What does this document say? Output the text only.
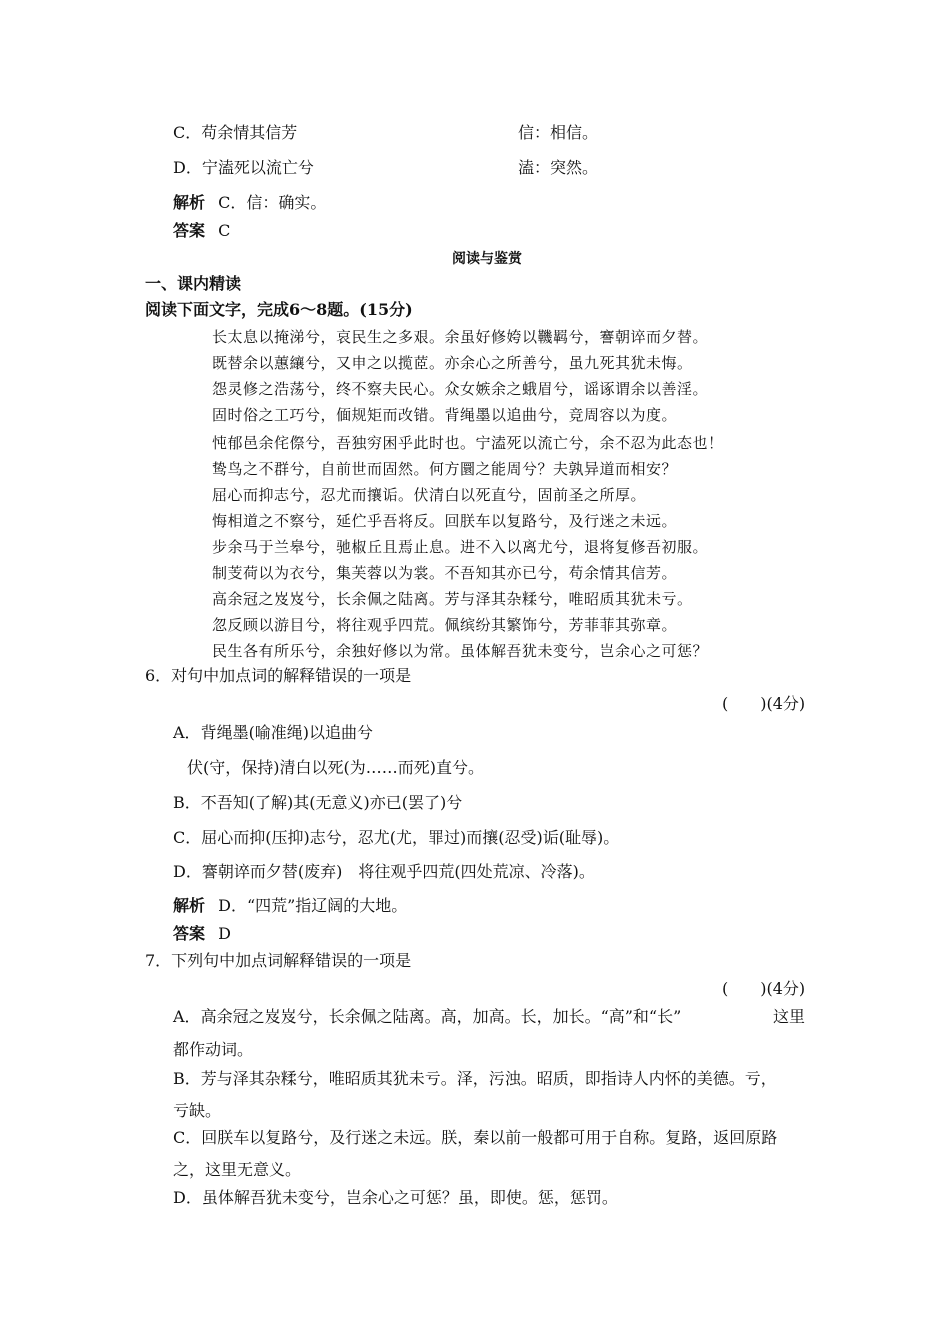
C．苟余情其信芳	信：相信。
D．宁溘死以流亡兮	溘：突然。
解析 C．信：确实。
答案 C
阅读与鉴赏
一、课内精读
阅读下面文字，完成6～8题。(15分)
长太息以掩涕兮，哀民生之多艰。余虽好修姱以鞿羁兮，謇朝谇而夕替。
既替余以蕙纕兮，又申之以揽茝。亦余心之所善兮，虽九死其犹未悔。
怨灵修之浩荡兮，终不察夫民心。众女嫉余之蛾眉兮，谣诼谓余以善淫。
固时俗之工巧兮，偭规矩而改错。背绳墨以追曲兮，竞周容以为度。
忳郁邑余侘傺兮，吾独穷困乎此时也。宁溘死以流亡兮，余不忍为此态也！
鸷鸟之不群兮，自前世而固然。何方圜之能周兮？夫孰异道而相安？
屈心而抑志兮，忍尤而攘诟。伏清白以死直兮，固前圣之所厚。
悔相道之不察兮，延伫乎吾将反。回朕车以复路兮，及行迷之未远。
步余马于兰皋兮，驰椒丘且焉止息。进不入以离尤兮，退将复修吾初服。
制芰荷以为衣兮，集芙蓉以为裳。不吾知其亦已兮，苟余情其信芳。
高余冠之岌岌兮，长余佩之陆离。芳与泽其杂糅兮，唯昭质其犹未亏。
忽反顾以游目兮，将往观乎四荒。佩缤纷其繁饰兮，芳菲菲其弥章。
民生各有所乐兮，余独好修以为常。虽体解吾犹未变兮，岂余心之可惩？
6．对句中加点词的解释错误的一项是
(　　)(4分)
A．背绳墨(喻准绳)以追曲兮
伏(守，保持)清白以死(为……而死)直兮。
B．不吾知(了解)其(无意义)亦已(罢了)兮
C．屈心而抑(压抑)志兮，忍尤(尤，罪过)而攘(忍受)诟(耻辱)。
D．謇朝谇而夕替(废弃)　将往观乎四荒(四处荒凉、冷落)。
解析 D．“四荒”指辽阔的大地。
答案 D
7．下列句中加点词解释错误的一项是
(　　)(4分)
A．高余冠之岌岌兮，长余佩之陆离。高，加高。长，加长。“高”和“长”	这里
都作动词。
B．芳与泽其杂糅兮，唯昭质其犹未亏。泽，污浊。昭质，即指诗人内怀的美德。亏，
亏缺。
C．回朕车以复路兮，及行迷之未远。朕，秦以前一般都可用于自称。复路，返回原路
之，这里无意义。
D．虽体解吾犹未变兮，岂余心之可惩？虽，即使。惩，惩罚。
